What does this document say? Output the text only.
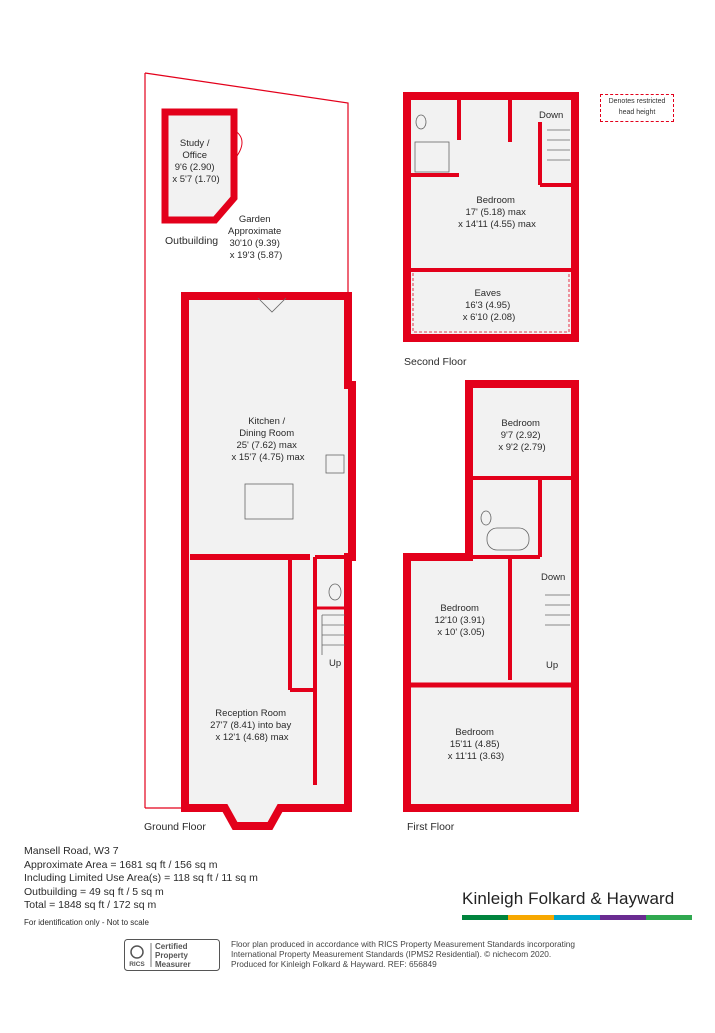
Study / Office 9'6 (2.90) x 5'7 (1.70)
Garden Approximate 30'10 (9.39) x 19'3 (5.87)
Kitchen / Dining Room 25' (7.62) max x 15'7 (4.75) max
Reception Room 27'7 (8.41) into bay x 12'1 (4.68) max
Bedroom 17' (5.18) max x 14'11 (4.55) max
Eaves 16'3 (4.95) x 6'10 (2.08)
Bedroom 9'7 (2.92) x 9'2 (2.79)
Bedroom 12'10 (3.91) x 10' (3.05)
Bedroom 15'11 (4.85) x 11'11 (3.63)
Up
Down
Up
Down
Outbuilding
Ground Floor	First Floor
Second Floor
Denotes restricted
head height
Mansell Road, W3 7
Approximate Area = 1681 sq ft / 156 sq m
Including Limited Use Area(s) = 118 sq ft / 11 sq m
Outbuilding = 49 sq ft / 5 sq m
Total = 1848 sq ft / 172 sq m
For identification only - Not to scale
Kinleigh Folkard & Hayward
RICS
Certified Property Measurer
Floor plan produced in accordance with RICS Property Measurement Standards incorporating
International Property Measurement Standards (IPMS2 Residential). © nichecom 2020.
Produced for Kinleigh Folkard & Hayward. REF: 656849
